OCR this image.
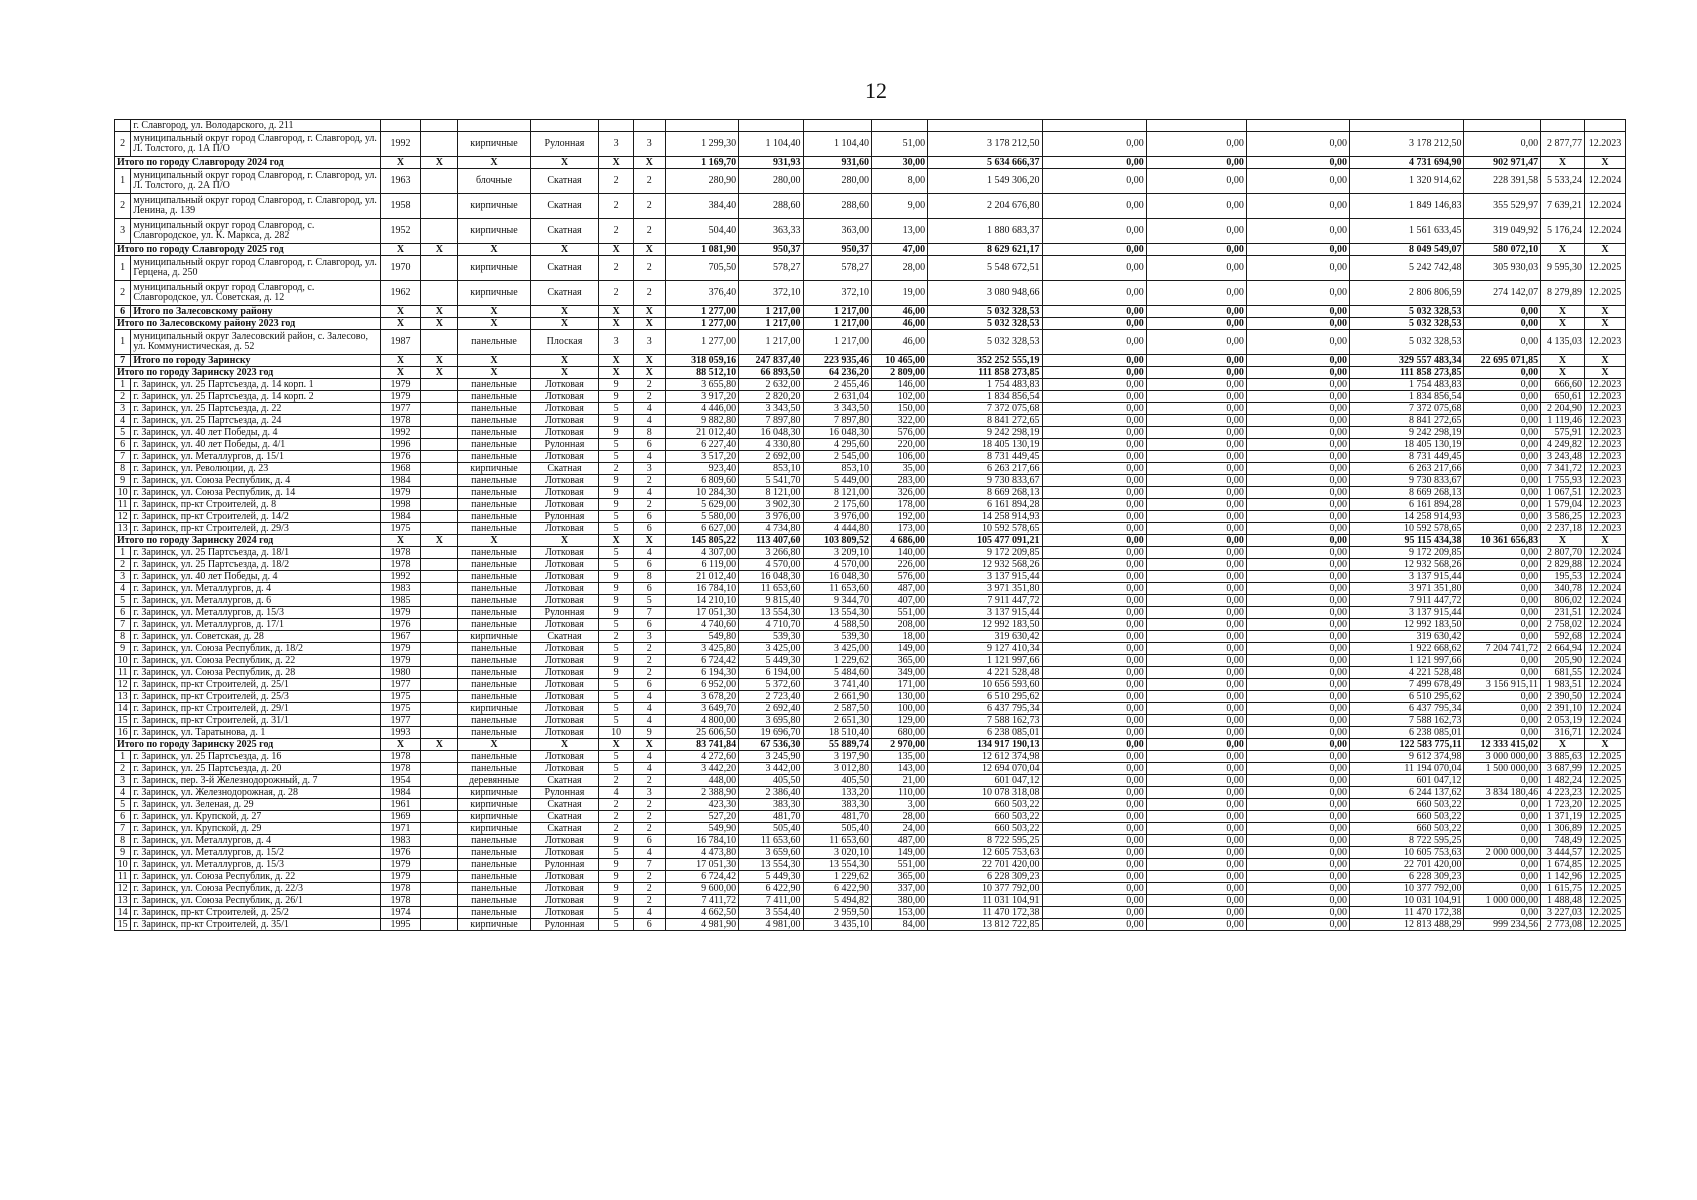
12
	г. Славгород, ул. Володарского, д. 211																		
2	муниципальный округ город Славгород, г. Славгород, ул. Л. Толстого, д. 1А П/О	1992		кирпичные	Рулонная	3	3	1 299,30	1 104,40	1 104,40	51,00	3 178 212,50	0,00	0,00	0,00	3 178 212,50	0,00	2 877,77	12.2023
Итого по городу Славгороду 2024 год		X	X	X	X	X	X	1 169,70	931,93	931,60	30,00	5 634 666,37	0,00	0,00	0,00	4 731 694,90	902 971,47	X	X
1	муниципальный округ город Славгород, г. Славгород, ул. Л. Толстого, д. 2А П/О	1963		блочные	Скатная	2	2	280,90	280,00	280,00	8,00	1 549 306,20	0,00	0,00	0,00	1 320 914,62	228 391,58	5 533,24	12.2024
2	муниципальный округ город Славгород, г. Славгород, ул. Ленина, д. 139	1958		кирпичные	Скатная	2	2	384,40	288,60	288,60	9,00	2 204 676,80	0,00	0,00	0,00	1 849 146,83	355 529,97	7 639,21	12.2024
3	муниципальный округ город Славгород, с. Славгородское, ул. К. Маркса, д. 282	1952		кирпичные	Скатная	2	2	504,40	363,33	363,00	13,00	1 880 683,37	0,00	0,00	0,00	1 561 633,45	319 049,92	5 176,24	12.2024
Итого по городу Славгороду 2025 год		X	X	X	X	X	X	1 081,90	950,37	950,37	47,00	8 629 621,17	0,00	0,00	0,00	8 049 549,07	580 072,10	X	X
1	муниципальный округ город Славгород, г. Славгород, ул. Герцена, д. 250	1970		кирпичные	Скатная	2	2	705,50	578,27	578,27	28,00	5 548 672,51	0,00	0,00	0,00	5 242 742,48	305 930,03	9 595,30	12.2025
2	муниципальный округ город Славгород, с. Славгородское, ул. Советская, д. 12	1962		кирпичные	Скатная	2	2	376,40	372,10	372,10	19,00	3 080 948,66	0,00	0,00	0,00	2 806 806,59	274 142,07	8 279,89	12.2025
6	Итого по Залесовскому району	X	X	X	X	X	X	1 277,00	1 217,00	1 217,00	46,00	5 032 328,53	0,00	0,00	0,00	5 032 328,53	0,00	X	X
Итого по Залесовскому району 2023 год		X	X	X	X	X	X	1 277,00	1 217,00	1 217,00	46,00	5 032 328,53	0,00	0,00	0,00	5 032 328,53	0,00	X	X
1	муниципальный округ Залесовский район, с. Залесово, ул. Коммунистическая, д. 52	1987		панельные	Плоская	3	3	1 277,00	1 217,00	1 217,00	46,00	5 032 328,53	0,00	0,00	0,00	5 032 328,53	0,00	4 135,03	12.2023
7	Итого по городу Заринску	X	X	X	X	X	X	318 059,16	247 837,40	223 935,46	10 465,00	352 252 555,19	0,00	0,00	0,00	329 557 483,34	22 695 071,85	X	X
Итого по городу Заринску 2023 год		X	X	X	X	X	X	88 512,10	66 893,50	64 236,20	2 809,00	111 858 273,85	0,00	0,00	0,00	111 858 273,85	0,00	X	X
1	г. Заринск, ул. 25 Партсъезда, д. 14 корп. 1	1979		панельные	Лотковая	9	2	3 655,80	2 632,00	2 455,46	146,00	1 754 483,83	0,00	0,00	0,00	1 754 483,83	0,00	666,60	12.2023
2	г. Заринск, ул. 25 Партсъезда, д. 14 корп. 2	1979		панельные	Лотковая	9	2	3 917,20	2 820,20	2 631,04	102,00	1 834 856,54	0,00	0,00	0,00	1 834 856,54	0,00	650,61	12.2023
3	г. Заринск, ул. 25 Партсъезда, д. 22	1977		панельные	Лотковая	5	4	4 446,00	3 343,50	3 343,50	150,00	7 372 075,68	0,00	0,00	0,00	7 372 075,68	0,00	2 204,90	12.2023
4	г. Заринск, ул. 25 Партсъезда, д. 24	1978		панельные	Лотковая	9	4	9 882,80	7 897,80	7 897,80	322,00	8 841 272,65	0,00	0,00	0,00	8 841 272,65	0,00	1 119,46	12.2023
5	г. Заринск, ул. 40 лет Победы, д. 4	1992		панельные	Лотковая	9	8	21 012,40	16 048,30	16 048,30	576,00	9 242 298,19	0,00	0,00	0,00	9 242 298,19	0,00	575,91	12.2023
6	г. Заринск, ул. 40 лет Победы, д. 4/1	1996		панельные	Рулонная	5	6	6 227,40	4 330,80	4 295,60	220,00	18 405 130,19	0,00	0,00	0,00	18 405 130,19	0,00	4 249,82	12.2023
7	г. Заринск, ул. Металлургов, д. 15/1	1976		панельные	Лотковая	5	4	3 517,20	2 692,00	2 545,00	106,00	8 731 449,45	0,00	0,00	0,00	8 731 449,45	0,00	3 243,48	12.2023
8	г. Заринск, ул. Революции, д. 23	1968		кирпичные	Скатная	2	3	923,40	853,10	853,10	35,00	6 263 217,66	0,00	0,00	0,00	6 263 217,66	0,00	7 341,72	12.2023
9	г. Заринск, ул. Союза Республик, д. 4	1984		панельные	Лотковая	9	2	6 809,60	5 541,70	5 449,00	283,00	9 730 833,67	0,00	0,00	0,00	9 730 833,67	0,00	1 755,93	12.2023
10	г. Заринск, ул. Союза Республик, д. 14	1979		панельные	Лотковая	9	4	10 284,30	8 121,00	8 121,00	326,00	8 669 268,13	0,00	0,00	0,00	8 669 268,13	0,00	1 067,51	12.2023
11	г. Заринск, пр-кт Строителей, д. 8	1998		панельные	Лотковая	9	2	5 629,00	3 902,30	2 175,60	178,00	6 161 894,28	0,00	0,00	0,00	6 161 894,28	0,00	1 579,04	12.2023
12	г. Заринск, пр-кт Строителей, д. 14/2	1984		панельные	Рулонная	5	6	5 580,00	3 976,00	3 976,00	192,00	14 258 914,93	0,00	0,00	0,00	14 258 914,93	0,00	3 586,25	12.2023
13	г. Заринск, пр-кт Строителей, д. 29/3	1975		панельные	Лотковая	5	6	6 627,00	4 734,80	4 444,80	173,00	10 592 578,65	0,00	0,00	0,00	10 592 578,65	0,00	2 237,18	12.2023
Итого по городу Заринску 2024 год		X	X	X	X	X	X	145 805,22	113 407,60	103 809,52	4 686,00	105 477 091,21	0,00	0,00	0,00	95 115 434,38	10 361 656,83	X	X
1	г. Заринск, ул. 25 Партсъезда, д. 18/1	1978		панельные	Лотковая	5	4	4 307,00	3 266,80	3 209,10	140,00	9 172 209,85	0,00	0,00	0,00	9 172 209,85	0,00	2 807,70	12.2024
2	г. Заринск, ул. 25 Партсъезда, д. 18/2	1978		панельные	Лотковая	5	6	6 119,00	4 570,00	4 570,00	226,00	12 932 568,26	0,00	0,00	0,00	12 932 568,26	0,00	2 829,88	12.2024
3	г. Заринск, ул. 40 лет Победы, д. 4	1992		панельные	Лотковая	9	8	21 012,40	16 048,30	16 048,30	576,00	3 137 915,44	0,00	0,00	0,00	3 137 915,44	0,00	195,53	12.2024
4	г. Заринск, ул. Металлургов, д. 4	1983		панельные	Лотковая	9	6	16 784,10	11 653,60	11 653,60	487,00	3 971 351,80	0,00	0,00	0,00	3 971 351,80	0,00	340,78	12.2024
5	г. Заринск, ул. Металлургов, д. 6	1985		панельные	Лотковая	9	5	14 210,10	9 815,40	9 344,70	407,00	7 911 447,72	0,00	0,00	0,00	7 911 447,72	0,00	806,02	12.2024
6	г. Заринск, ул. Металлургов, д. 15/3	1979		панельные	Рулонная	9	7	17 051,30	13 554,30	13 554,30	551,00	3 137 915,44	0,00	0,00	0,00	3 137 915,44	0,00	231,51	12.2024
7	г. Заринск, ул. Металлургов, д. 17/1	1976		панельные	Лотковая	5	6	4 740,60	4 710,70	4 588,50	208,00	12 992 183,50	0,00	0,00	0,00	12 992 183,50	0,00	2 758,02	12.2024
8	г. Заринск, ул. Советская, д. 28	1967		кирпичные	Скатная	2	3	549,80	539,30	539,30	18,00	319 630,42	0,00	0,00	0,00	319 630,42	0,00	592,68	12.2024
9	г. Заринск, ул. Союза Республик, д. 18/2	1979		панельные	Лотковая	5	2	3 425,80	3 425,00	3 425,00	149,00	9 127 410,34	0,00	0,00	0,00	1 922 668,62	7 204 741,72	2 664,94	12.2024
10	г. Заринск, ул. Союза Республик, д. 22	1979		панельные	Лотковая	9	2	6 724,42	5 449,30	1 229,62	365,00	1 121 997,66	0,00	0,00	0,00	1 121 997,66	0,00	205,90	12.2024
11	г. Заринск, ул. Союза Республик, д. 28	1980		панельные	Лотковая	9	2	6 194,30	6 194,00	5 484,60	349,00	4 221 528,48	0,00	0,00	0,00	4 221 528,48	0,00	681,55	12.2024
12	г. Заринск, пр-кт Строителей, д. 25/1	1977		панельные	Лотковая	5	6	6 952,00	5 372,60	3 741,40	171,00	10 656 593,60	0,00	0,00	0,00	7 499 678,49	3 156 915,11	1 983,51	12.2024
13	г. Заринск, пр-кт Строителей, д. 25/3	1975		панельные	Лотковая	5	4	3 678,20	2 723,40	2 661,90	130,00	6 510 295,62	0,00	0,00	0,00	6 510 295,62	0,00	2 390,50	12.2024
14	г. Заринск, пр-кт Строителей, д. 29/1	1975		кирпичные	Лотковая	5	4	3 649,70	2 692,40	2 587,50	100,00	6 437 795,34	0,00	0,00	0,00	6 437 795,34	0,00	2 391,10	12.2024
15	г. Заринск, пр-кт Строителей, д. 31/1	1977		панельные	Лотковая	5	4	4 800,00	3 695,80	2 651,30	129,00	7 588 162,73	0,00	0,00	0,00	7 588 162,73	0,00	2 053,19	12.2024
16	г. Заринск, ул. Таратынова, д. 1	1993		панельные	Лотковая	10	9	25 606,50	19 696,70	18 510,40	680,00	6 238 085,01	0,00	0,00	0,00	6 238 085,01	0,00	316,71	12.2024
Итого по городу Заринску 2025 год		X	X	X	X	X	X	83 741,84	67 536,30	55 889,74	2 970,00	134 917 190,13	0,00	0,00	0,00	122 583 775,11	12 333 415,02	X	X
1	г. Заринск, ул. 25 Партсъезда, д. 16	1978		панельные	Лотковая	5	4	4 272,60	3 245,90	3 197,90	135,00	12 612 374,98	0,00	0,00	0,00	9 612 374,98	3 000 000,00	3 885,63	12.2025
2	г. Заринск, ул. 25 Партсъезда, д. 20	1978		панельные	Лотковая	5	4	3 442,20	3 442,00	3 012,80	143,00	12 694 070,04	0,00	0,00	0,00	11 194 070,04	1 500 000,00	3 687,99	12.2025
3	г. Заринск, пер. 3-й Железнодорожный, д. 7	1954		деревянные	Скатная	2	2	448,00	405,50	405,50	21,00	601 047,12	0,00	0,00	0,00	601 047,12	0,00	1 482,24	12.2025
4	г. Заринск, ул. Железнодорожная, д. 28	1984		кирпичные	Рулонная	4	3	2 388,90	2 386,40	133,20	110,00	10 078 318,08	0,00	0,00	0,00	6 244 137,62	3 834 180,46	4 223,23	12.2025
5	г. Заринск, ул. Зеленая, д. 29	1961		кирпичные	Скатная	2	2	423,30	383,30	383,30	3,00	660 503,22	0,00	0,00	0,00	660 503,22	0,00	1 723,20	12.2025
6	г. Заринск, ул. Крупской, д. 27	1969		кирпичные	Скатная	2	2	527,20	481,70	481,70	28,00	660 503,22	0,00	0,00	0,00	660 503,22	0,00	1 371,19	12.2025
7	г. Заринск, ул. Крупской, д. 29	1971		кирпичные	Скатная	2	2	549,90	505,40	505,40	24,00	660 503,22	0,00	0,00	0,00	660 503,22	0,00	1 306,89	12.2025
8	г. Заринск, ул. Металлургов, д. 4	1983		панельные	Лотковая	9	6	16 784,10	11 653,60	11 653,60	487,00	8 722 595,25	0,00	0,00	0,00	8 722 595,25	0,00	748,49	12.2025
9	г. Заринск, ул. Металлургов, д. 15/2	1976		панельные	Лотковая	5	4	4 473,80	3 659,60	3 020,10	149,00	12 605 753,63	0,00	0,00	0,00	10 605 753,63	2 000 000,00	3 444,57	12.2025
10	г. Заринск, ул. Металлургов, д. 15/3	1979		панельные	Рулонная	9	7	17 051,30	13 554,30	13 554,30	551,00	22 701 420,00	0,00	0,00	0,00	22 701 420,00	0,00	1 674,85	12.2025
11	г. Заринск, ул. Союза Республик, д. 22	1979		панельные	Лотковая	9	2	6 724,42	5 449,30	1 229,62	365,00	6 228 309,23	0,00	0,00	0,00	6 228 309,23	0,00	1 142,96	12.2025
12	г. Заринск, ул. Союза Республик, д. 22/3	1978		панельные	Лотковая	9	2	9 600,00	6 422,90	6 422,90	337,00	10 377 792,00	0,00	0,00	0,00	10 377 792,00	0,00	1 615,75	12.2025
13	г. Заринск, ул. Союза Республик, д. 26/1	1978		панельные	Лотковая	9	2	7 411,72	7 411,00	5 494,82	380,00	11 031 104,91	0,00	0,00	0,00	10 031 104,91	1 000 000,00	1 488,48	12.2025
14	г. Заринск, пр-кт Строителей, д. 25/2	1974		панельные	Лотковая	5	4	4 662,50	3 554,40	2 959,50	153,00	11 470 172,38	0,00	0,00	0,00	11 470 172,38	0,00	3 227,03	12.2025
15	г. Заринск, пр-кт Строителей, д. 35/1	1995		кирпичные	Рулонная	5	6	4 981,90	4 981,00	3 435,10	84,00	13 812 722,85	0,00	0,00	0,00	12 813 488,29	999 234,56	2 773,08	12.2025
